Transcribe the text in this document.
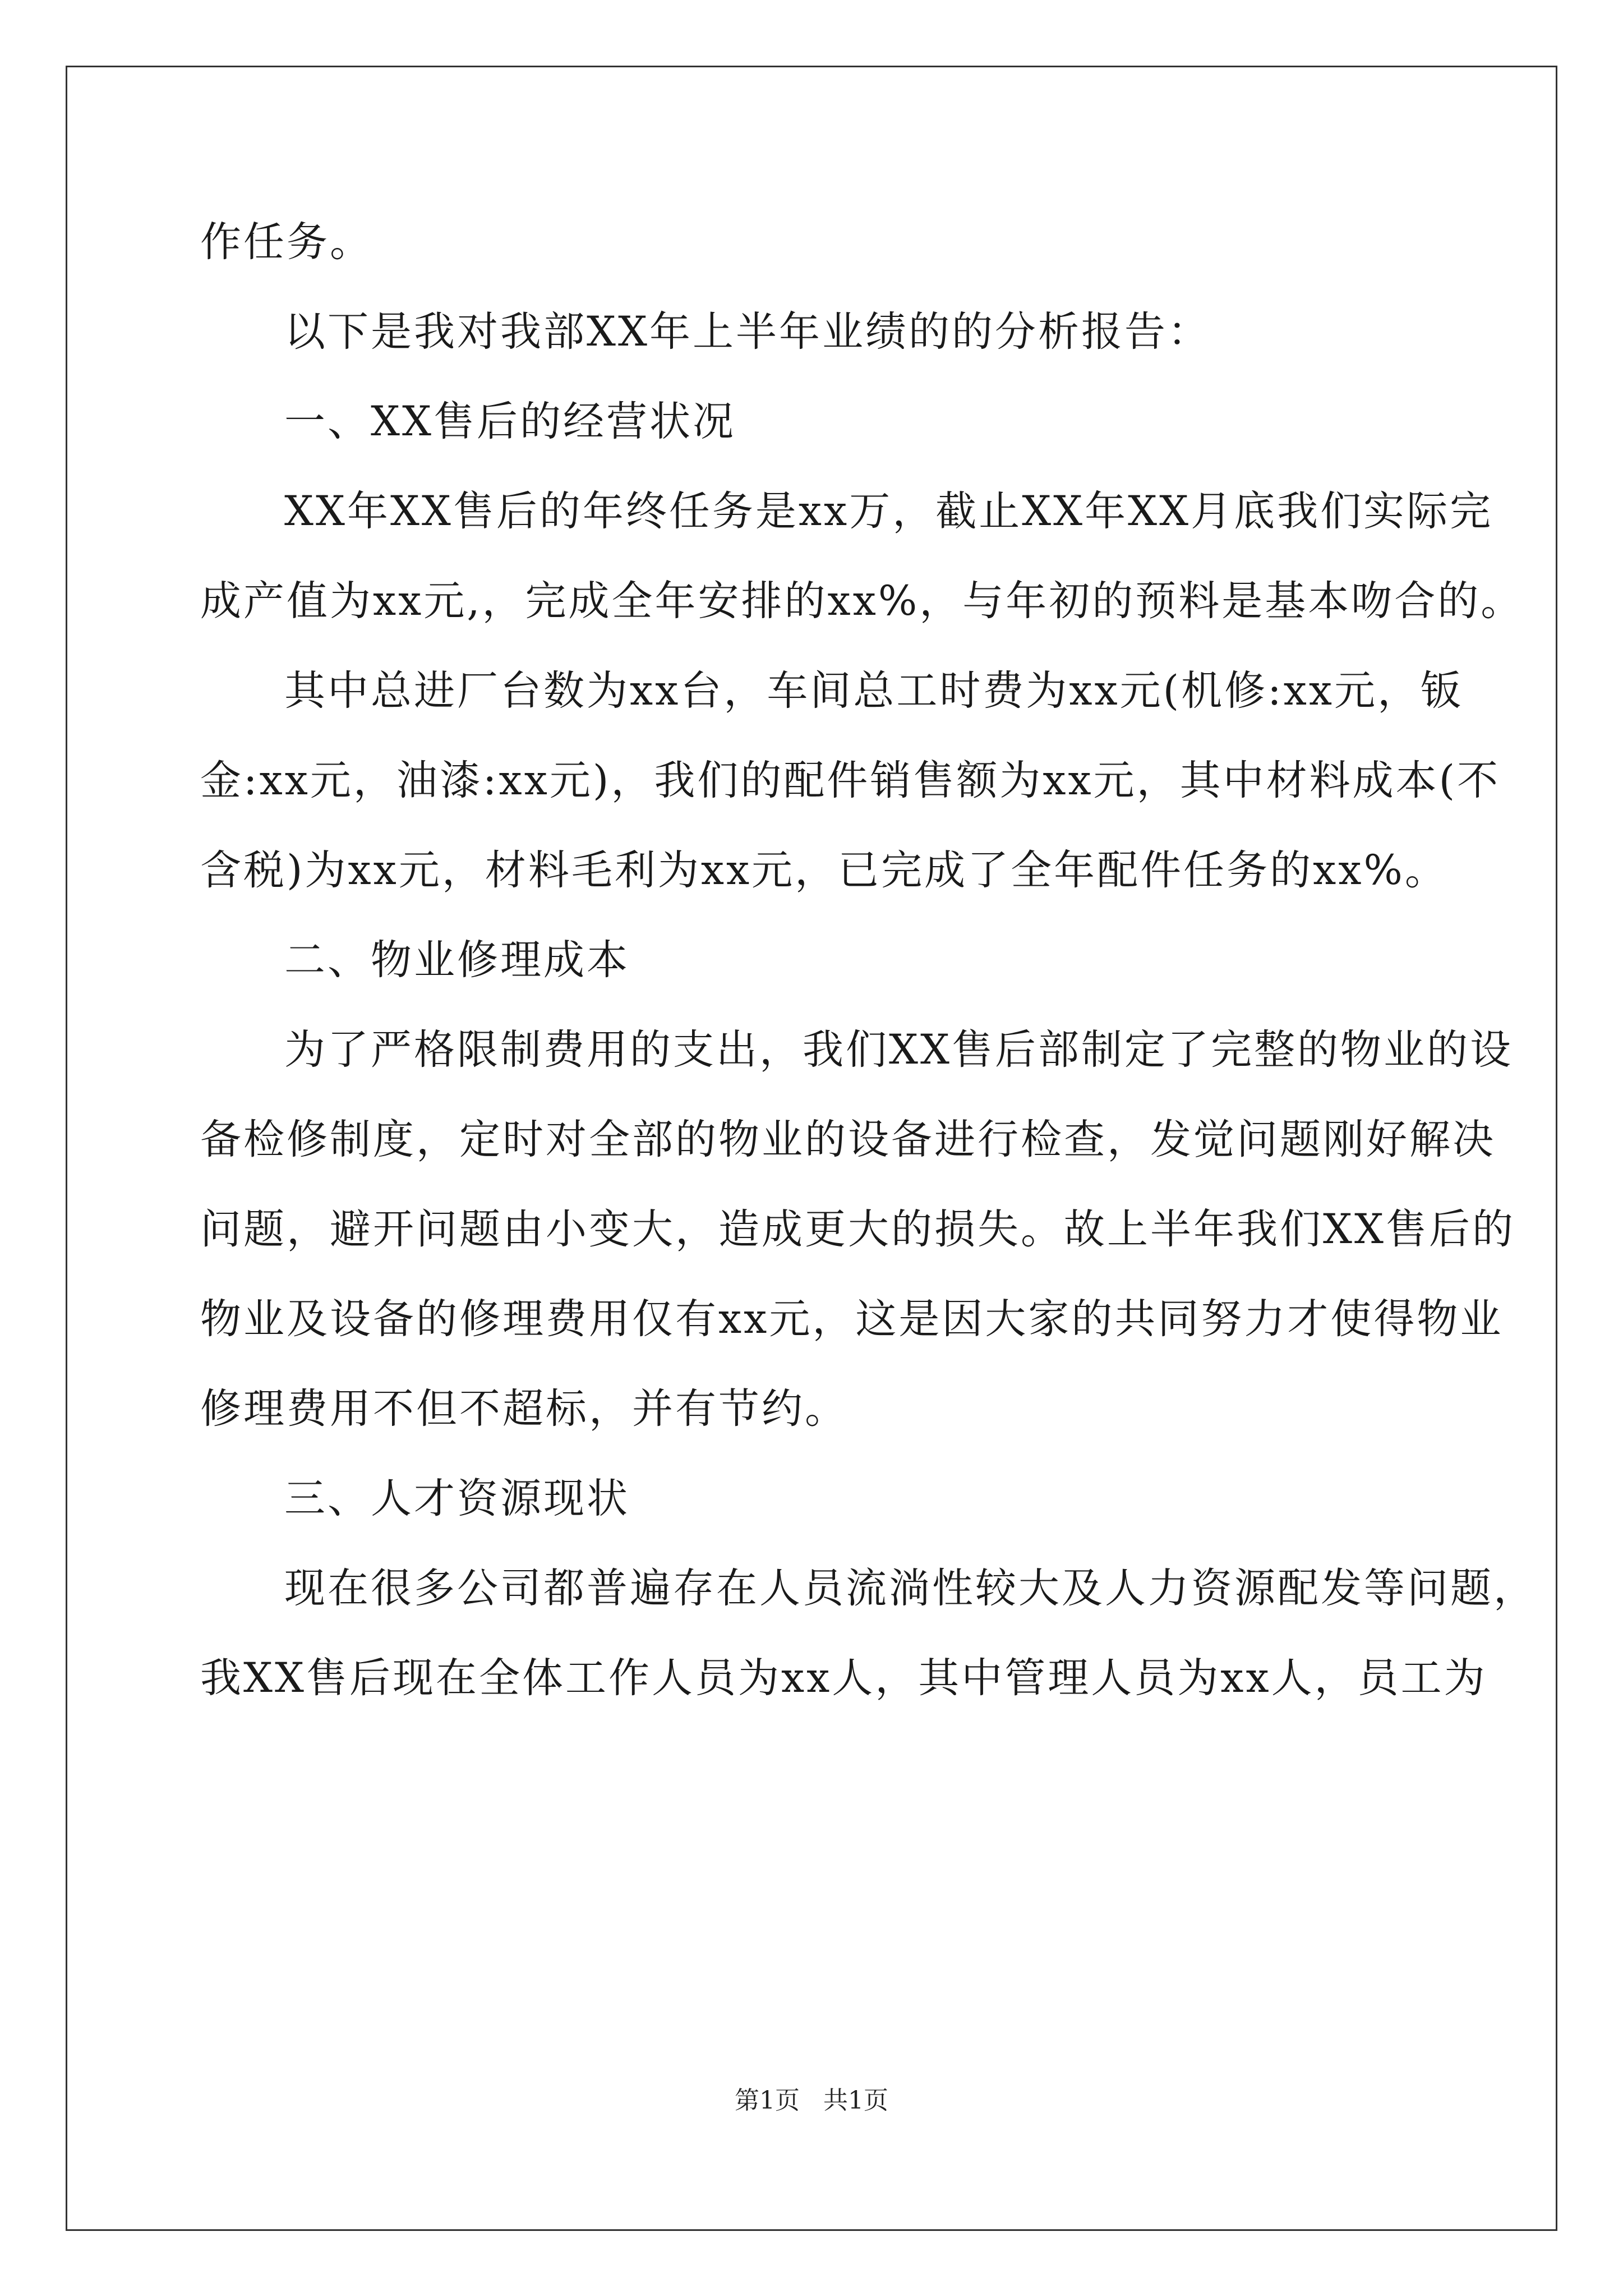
作任务。
以下是我对我部XX年上半年业绩的的分析报告：
一、XX售后的经营状况
XX年XX售后的年终任务是xx万，截止XX年XX月底我们实际完
成产值为xx元,，完成全年安排的xx%，与年初的预料是基本吻合的。
其中总进厂台数为xx台，车间总工时费为xx元(机修:xx元，钣
金:xx元，油漆:xx元)，我们的配件销售额为xx元，其中材料成本(不
含税)为xx元，材料毛利为xx元，已完成了全年配件任务的xx%。
二、物业修理成本
为了严格限制费用的支出，我们XX售后部制定了完整的物业的设
备检修制度，定时对全部的物业的设备进行检查，发觉问题刚好解决
问题，避开问题由小变大，造成更大的损失。故上半年我们XX售后的
物业及设备的修理费用仅有xx元，这是因大家的共同努力才使得物业
修理费用不但不超标，并有节约。
三、人才资源现状
现在很多公司都普遍存在人员流淌性较大及人力资源配发等问题，
我XX售后现在全体工作人员为xx人，其中管理人员为xx人，员工为
第1页   共1页
